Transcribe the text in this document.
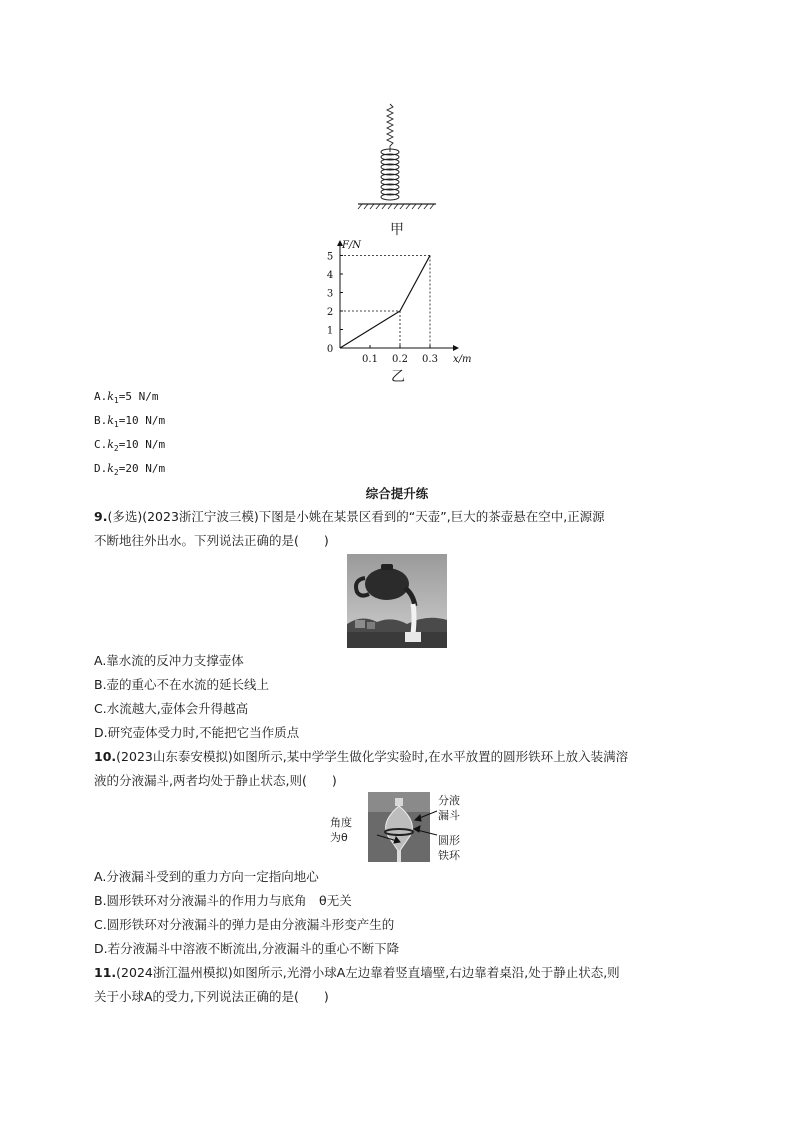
甲
0
1
2
3
4
5
0.1 0.2 0.3
F/N
x/m
乙
$A.k_1=5$ N/m
$B.k_1=10$ N/m
$C.k_2=10$ N/m
$D.k_2=20$ N/m
综合提升练
9.(多选)(2023浙江宁波三模)下图是小姚在某景区看到的“天壶”,巨大的茶壶悬在空中,正源源
不断地往外出水。下列说法正确的是(　　)
A.靠水流的反冲力支撑壶体
B.壶的重心不在水流的延长线上
C.水流越大,壶体会升得越高
D.研究壶体受力时,不能把它当作质点
10.(2023山东泰安模拟)如图所示,某中学学生做化学实验时,在水平放置的圆形铁环上放入装满溶
液的分液漏斗,两者均处于静止状态,则(　　)
分液
漏斗
圆形
铁环
角度
为θ
A.分液漏斗受到的重力方向一定指向地心
B.圆形铁环对分液漏斗的作用力与底角　θ无关
C.圆形铁环对分液漏斗的弹力是由分液漏斗形变产生的
D.若分液漏斗中溶液不断流出,分液漏斗的重心不断下降
11.(2024浙江温州模拟)如图所示,光滑小球A左边靠着竖直墙壁,右边靠着桌沿,处于静止状态,则
关于小球A的受力,下列说法正确的是(　　)
